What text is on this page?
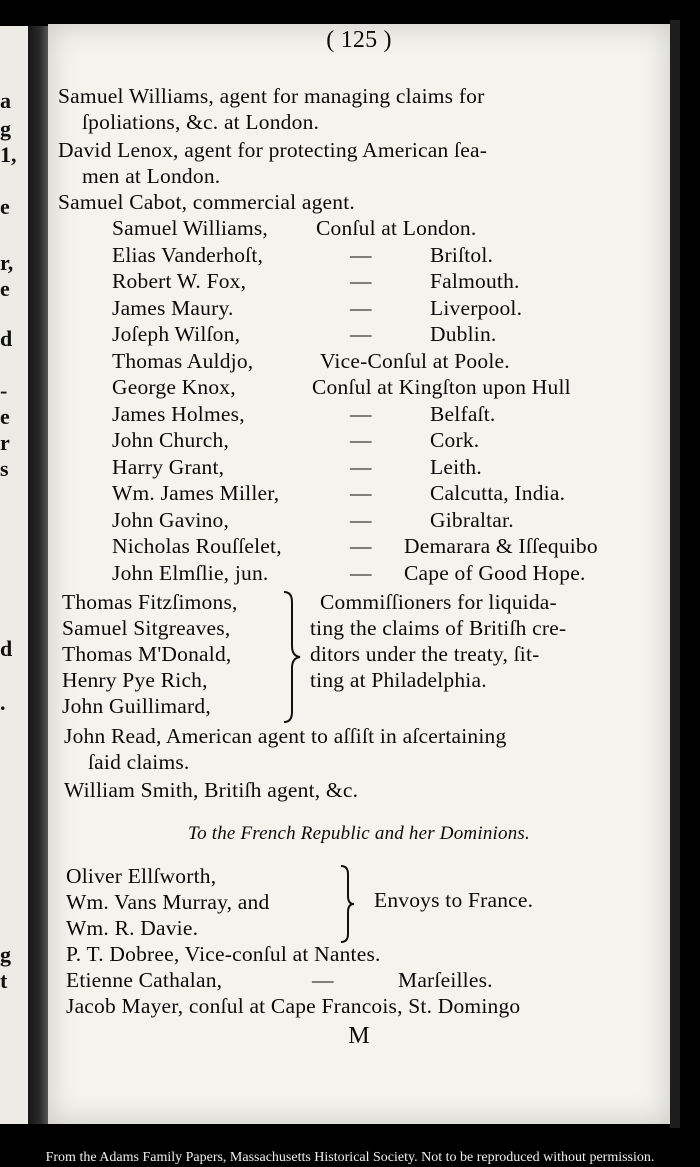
a
g
1,
e
r,
e
d
-
e
r
s
d
.
g
t
( 125 )
Samuel Williams, agent for managing claims for
ſpoliations, &c. at London.
David Lenox, agent for protecting American ſea-
men at London.
Samuel Cabot, commercial agent.
Samuel Williams, Conſul at London.
Elias Vanderhoſt,	—	Briſtol.
Robert W. Fox,	—	Falmouth.
James Maury.	—	Liverpool.
Joſeph Wilſon,	—	Dublin.
Thomas Auldjo,	Vice-Conſul at Poole.
George Knox,	Conſul at Kingſton upon Hull
James Holmes,	—	Belfaſt.
John Church,	—	Cork.
Harry Grant,	—	Leith.
Wm. James Miller,	—	Calcutta, India.
John Gavino,	—	Gibraltar.
Nicholas Rouſſelet,	— Demarara & Iſſequibo
John Elmſlie, jun.	— Cape of Good Hope.
Thomas Fitzſimons,
Samuel Sitgreaves,
Thomas M'Donald,
Henry Pye Rich,
John Guillimard,
Commiſſioners for liquida-
ting the claims of Britiſh cre-
ditors under the treaty, ſit-
ting at Philadelphia.
John Read, American agent to aſſiſt in aſcertaining
ſaid claims.
William Smith, Britiſh agent, &c.
To the French Republic and her Dominions.
Oliver Ellſworth,
Wm. Vans Murray, and
Wm. R. Davie.
Envoys to France.
P. T. Dobree, Vice-conſul at Nantes.
Etienne Cathalan,	—	Marſeilles.
Jacob Mayer, conſul at Cape Francois, St. Domingo
M
From the Adams Family Papers, Massachusetts Historical Society. Not to be reproduced without permission.
